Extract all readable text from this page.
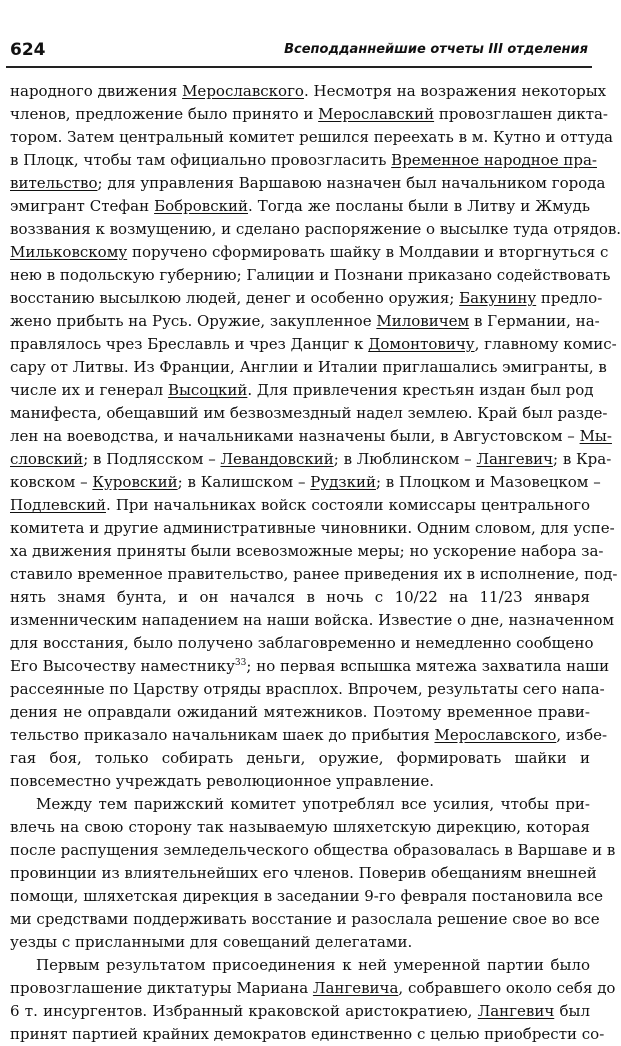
624	Всеподданнейшие отчеты III отделения
народного движения Мерославского. Несмотря на возражения некоторых
членов, предложение было принято и Мерославский провозглашен дикта-
тором. Затем центральный комитет решился переехать в м. Кутно и оттуда
в Плоцк, чтобы там официально провозгласить Временное народное пра-
вительство; для управления Варшавою назначен был начальником города
эмигрант Стефан Бобровский. Тогда же посланы были в Литву и Жмудь
воззвания к возмущению, и сделано распоряжение о высылке туда отрядов.
Мильковскому поручено сформировать шайку в Молдавии и вторгнуться с
нею в подольскую губернию; Галиции и Познани приказано содействовать
восстанию высылкою людей, денег и особенно оружия; Бакунину предло-
жено прибыть на Русь. Оружие, закупленное Миловичем в Германии, на-
правлялось чрез Бреславль и чрез Данциг к Домонтовичу, главному комис-
сару от Литвы. Из Франции, Англии и Италии приглашались эмигранты, в
числе их и генерал Высоцкий. Для привлечения крестьян издан был род
манифеста, обещавший им безвозмездный надел землею. Край был разде-
лен на воеводства, и начальниками назначены были, в Августовском – Мы-
словский; в Подлясском – Левандовский; в Люблинском – Лангевич; в Кра-
ковском – Куровский; в Калишском – Рудзкий; в Плоцком и Мазовецком –
Подлевский. При начальниках войск состояли комиссары центрального
комитета и другие административные чиновники. Одним словом, для успе-
ха движения приняты были всевозможные меры; но ускорение набора за-
ставило временное правительство, ранее приведения их в исполнение, под-
нять знамя бунта, и он начался в ночь с 10/22 на 11/23 января
изменническим нападением на наши войска. Известие о дне, назначенном
для восстания, было получено заблаговременно и немедленно сообщено
Его Высочеству наместнику$^{33}$; но первая вспышка мятежа захватила наши
рассеянные по Царству отряды врасплох. Впрочем, результаты сего напа-
дения не оправдали ожиданий мятежников. Поэтому временное прави-
тельство приказало начальникам шаек до прибытия Мерославского, избе-
гая боя, только собирать деньги, оружие, формировать шайки и
повсеместно учреждать революционное управление.
Между тем парижский комитет употреблял все усилия, чтобы при-
влечь на свою сторону так называемую шляхетскую дирекцию, которая
после распущения земледельческого общества образовалась в Варшаве и в
провинции из влиятельнейших его членов. Поверив обещаниям внешней
помощи, шляхетская дирекция в заседании 9-го февраля постановила все
ми средствами поддерживать восстание и разослала решение свое во все
уезды с присланными для совещаний делегатами.
Первым результатом присоединения к ней умеренной партии было
провозглашение диктатуры Мариана Лангевича, собравшего около себя до
6 т. инсургентов. Избранный краковской аристократиею, Лангевич был
принят партией крайних демократов единственно с целью приобрести со-
